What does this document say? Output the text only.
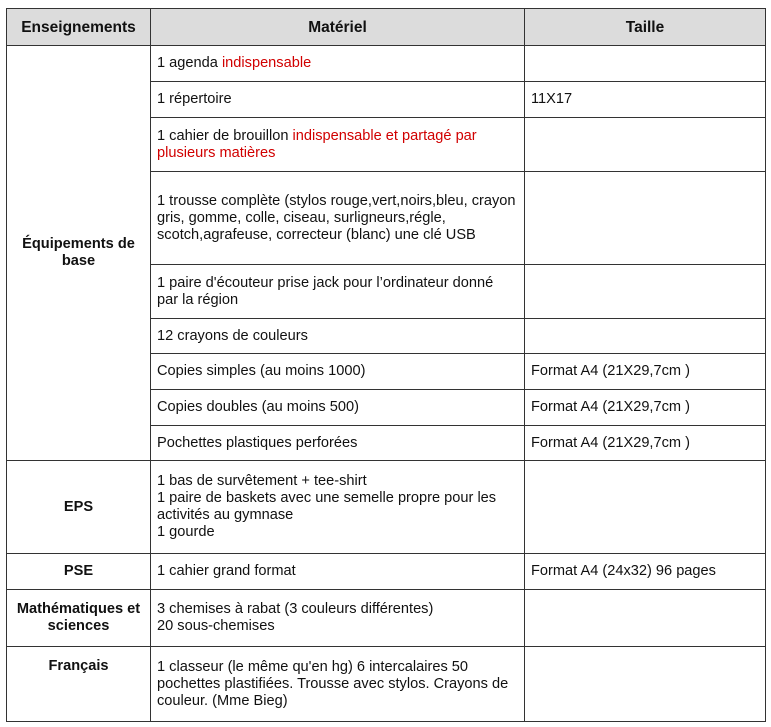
Enseignements	Matériel	Taille
Équipements de base	1 agenda indispensable	
	1 répertoire	11X17
	1 cahier de brouillon indispensable et partagé par plusieurs matières	
	1 trousse complète (stylos rouge,vert,noirs,bleu, crayon gris, gomme, colle, ciseau, surligneurs,régle, scotch,agrafeuse, correcteur (blanc) une clé USB	
	1 paire d'écouteur prise jack pour l’ordinateur donné par la région	
	12 crayons de couleurs	
	Copies simples (au moins 1000)	Format A4 (21X29,7cm )
	Copies doubles (au moins 500)	Format A4 (21X29,7cm )
	Pochettes plastiques perforées	Format A4 (21X29,7cm )
EPS	1 bas de survêtement + tee-shirt
1 paire de baskets avec une semelle propre pour les activités au gymnase
1 gourde	

PSE	1 cahier grand format	Format A4 (24x32) 96 pages
Mathématiques et sciences	3 chemises à rabat (3 couleurs différentes)
20 sous-chemises	

Français	1 classeur (le même qu'en hg) 6 intercalaires 50 pochettes plastifiées. Trousse avec stylos. Crayons de couleur. (Mme Bieg)	
